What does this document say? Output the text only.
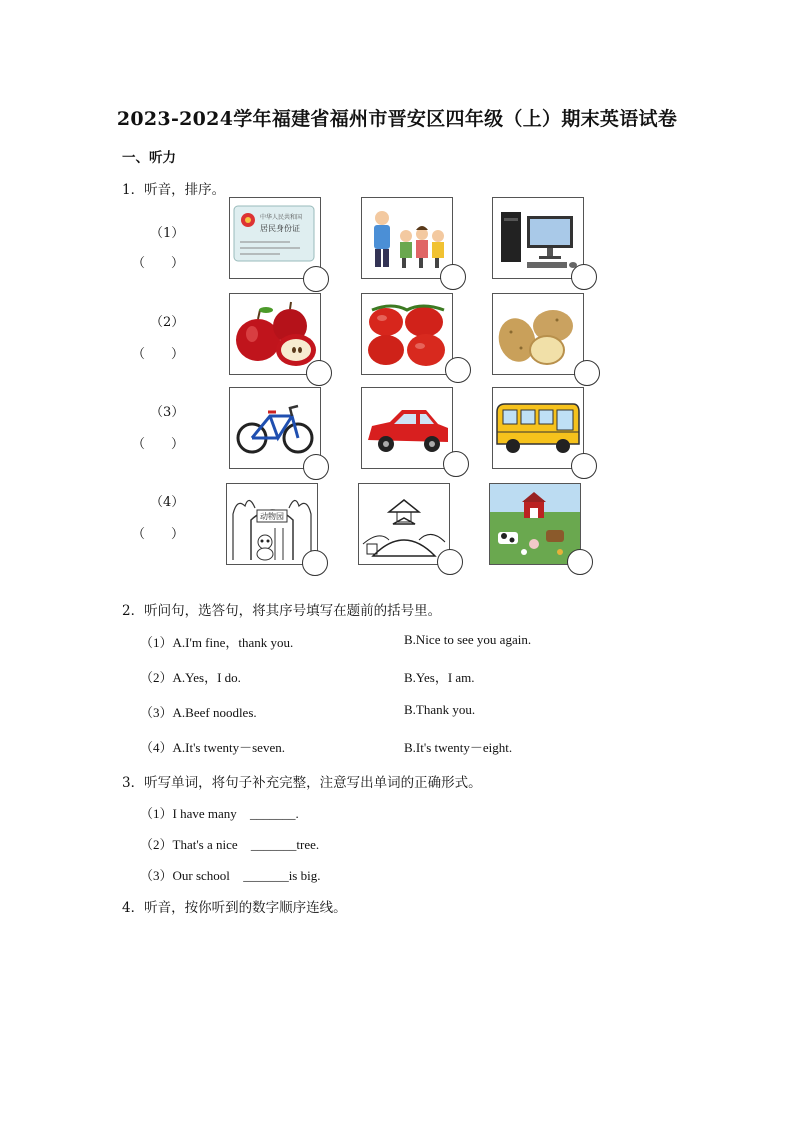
2023-2024学年福建省福州市晋安区四年级（上）期末英语试卷
一、听力
1．听音，排序。
（1）
（　　）
（2）
（　　）
（3）
（　　）
（4）
（　　）
中华人民共和国
居民身份证
动物园
2．听问句，选答句，将其序号填写在题前的括号里。
（1）A.I'm fine，thank you.	B.Nice to see you again.
（2）A.Yes，I do.	B.Yes，I am.
（3）A.Beef noodles.	B.Thank you.
（4）A.It's twenty－seven.	B.It's twenty－eight.
3．听写单词，将句子补充完整，注意写出单词的正确形式。
（1）I have many _______.
（2）That's a nice _______tree.
（3）Our school _______is big.
4．听音，按你听到的数字顺序连线。
